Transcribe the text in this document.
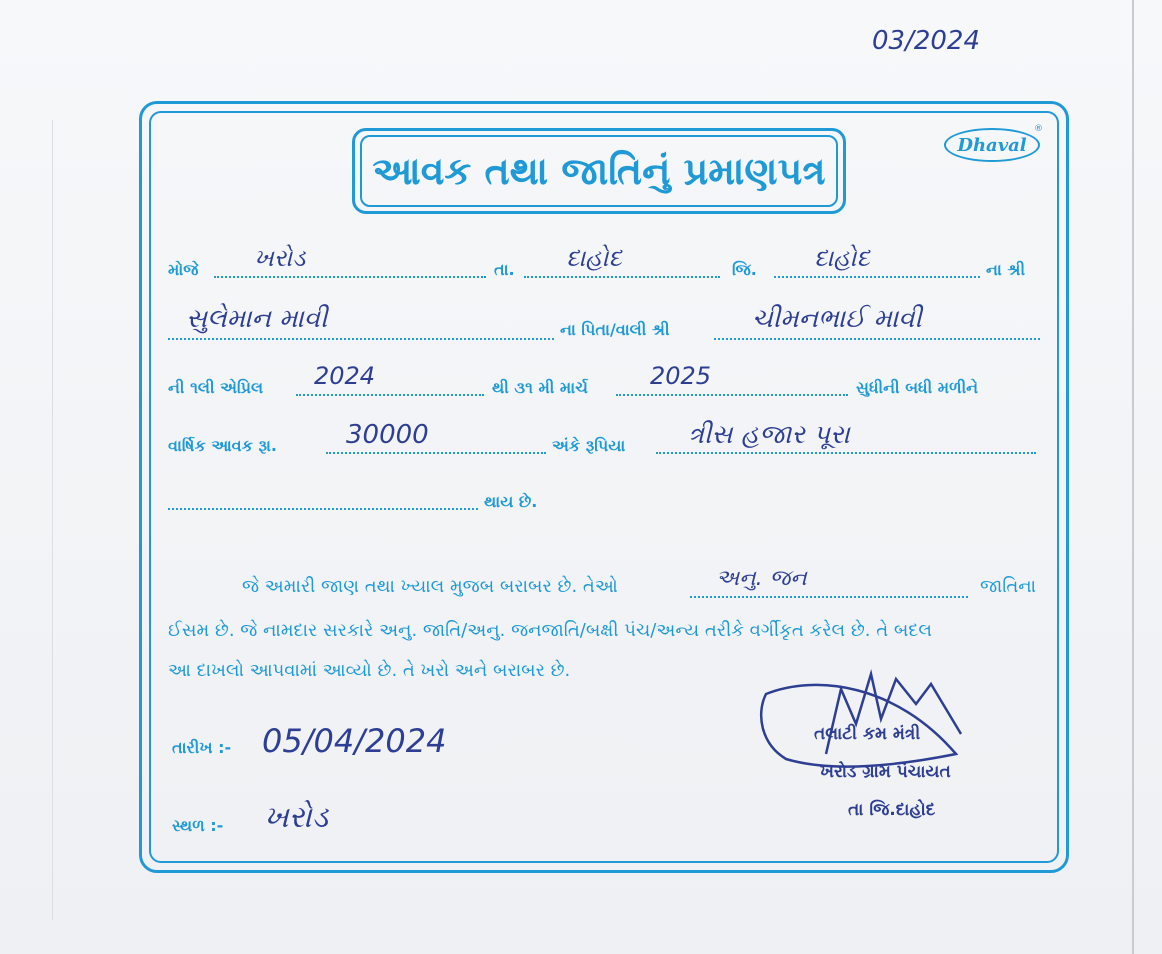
03/2024
આવક તથા જાતિનું પ્રમાણપત્ર
Dhaval
®
મોજે ખરોડ	તા. દાહોદ	જિ. દાહોદ	ના શ્રી
સુલેમાન માવી	ના પિતા/વાલી શ્રી	ચીમનભાઈ માવી
ની ૧લી એપ્રિલ 2024	થી ૩૧ મી માર્ચ	2025	સુધીની બધી મળીને
વાર્ષિક આવક રૂા.	30000	અંકે રૂપિયા ત્રીસ હજાર પૂરા
થાય છે.
જે અમારી જાણ તથા ખ્યાલ મુજબ બરાબર છે. તેઓ	અનુ. જન	જાતિના
ઈસમ છે. જે નામદાર સરકારે અનુ. જાતિ/અનુ. જનજાતિ/બક્ષી પંચ/અન્ય તરીકે વર્ગીકૃત કરેલ છે. તે બદલ
આ દાખલો આપવામાં આવ્યો છે. તે ખરો અને બરાબર છે.
તારીખ :- 05/04/2024
સ્થળ :- ખરોડ
તલાટી કમ મંત્રી
ખરોડ ગ્રામ પંચાયત
તા જિ.દાહોદ
